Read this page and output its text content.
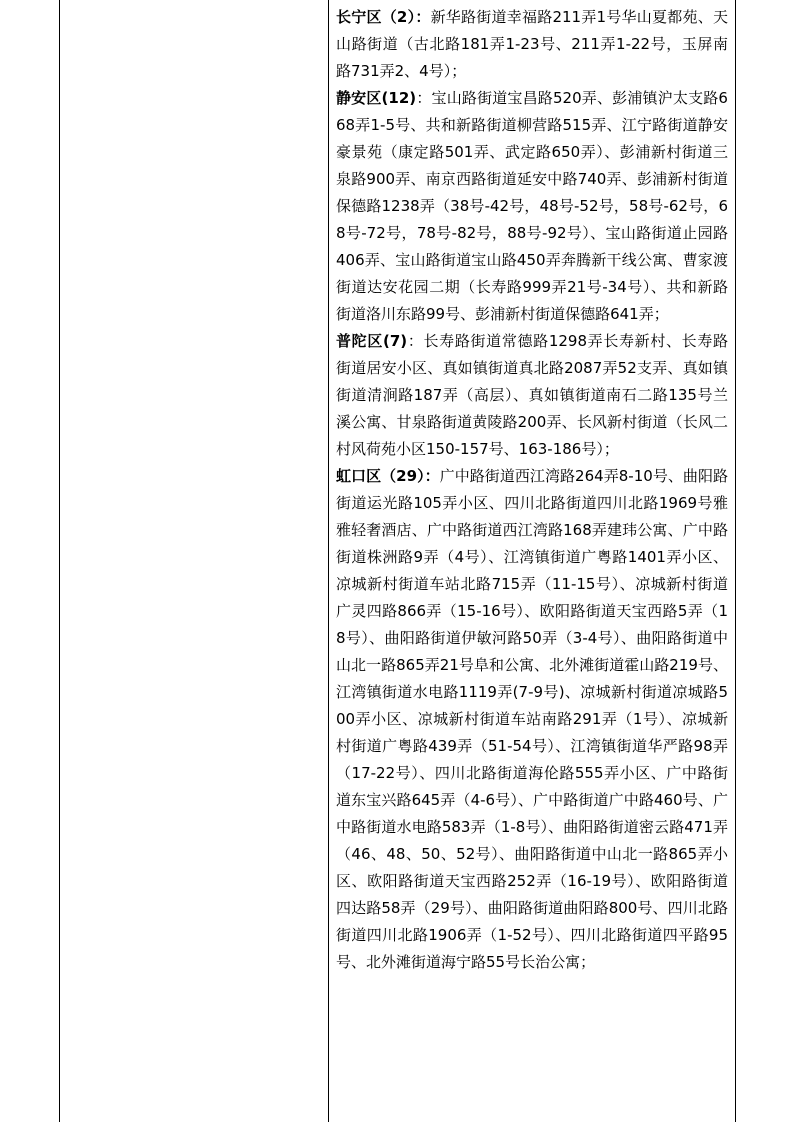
长宁区（2）：新华路街道幸福路211弄1号华山夏都苑、天山路街道（古北路181弄1-23号、211弄1-22号，玉屏南路731弄2、4号）；

静安区(12)：宝山路街道宝昌路520弄、彭浦镇沪太支路668弄1-5号、共和新路街道柳营路515弄、江宁路街道静安豪景苑（康定路501弄、武定路650弄）、彭浦新村街道三泉路900弄、南京西路街道延安中路740弄、彭浦新村街道保德路1238弄（38号-42号，48号-52号，58号-62号，68号-72号，78号-82号，88号-92号）、宝山路街道止园路406弄、宝山路街道宝山路450弄奔腾新干线公寓、曹家渡街道达安花园二期（长寿路999弄21号-34号）、共和新路街道洛川东路99号、彭浦新村街道保德路641弄；

普陀区(7)：长寿路街道常德路1298弄长寿新村、长寿路街道居安小区、真如镇街道真北路2087弄52支弄、真如镇街道清涧路187弄（高层）、真如镇街道南石二路135号兰溪公寓、甘泉路街道黄陵路200弄、长风新村街道（长风二村风荷苑小区150-157号、163-186号）；

虹口区（29）：广中路街道西江湾路264弄8-10号、曲阳路街道运光路105弄小区、四川北路街道四川北路1969号雅雅轻奢酒店、广中路街道西江湾路168弄建玮公寓、广中路街道株洲路9弄（4号）、江湾镇街道广粤路1401弄小区、凉城新村街道车站北路715弄（11-15号）、凉城新村街道广灵四路866弄（15-16号）、欧阳路街道天宝西路5弄（18号）、曲阳路街道伊敏河路50弄（3-4号）、曲阳路街道中山北一路865弄21号阜和公寓、北外滩街道霍山路219号、江湾镇街道水电路1119弄(7-9号)、凉城新村街道凉城路500弄小区、凉城新村街道车站南路291弄（1号）、凉城新村街道广粤路439弄（51-54号）、江湾镇街道华严路98弄（17-22号）、四川北路街道海伦路555弄小区、广中路街道东宝兴路645弄（4-6号）、广中路街道广中路460号、广中路街道水电路583弄（1-8号）、曲阳路街道密云路471弄（46、48、50、52号）、曲阳路街道中山北一路865弄小区、欧阳路街道天宝西路252弄（16-19号）、欧阳路街道四达路58弄（29号）、曲阳路街道曲阳路800号、四川北路街道四川北路1906弄（1-52号）、四川北路街道四平路95号、北外滩街道海宁路55号长治公寓；
